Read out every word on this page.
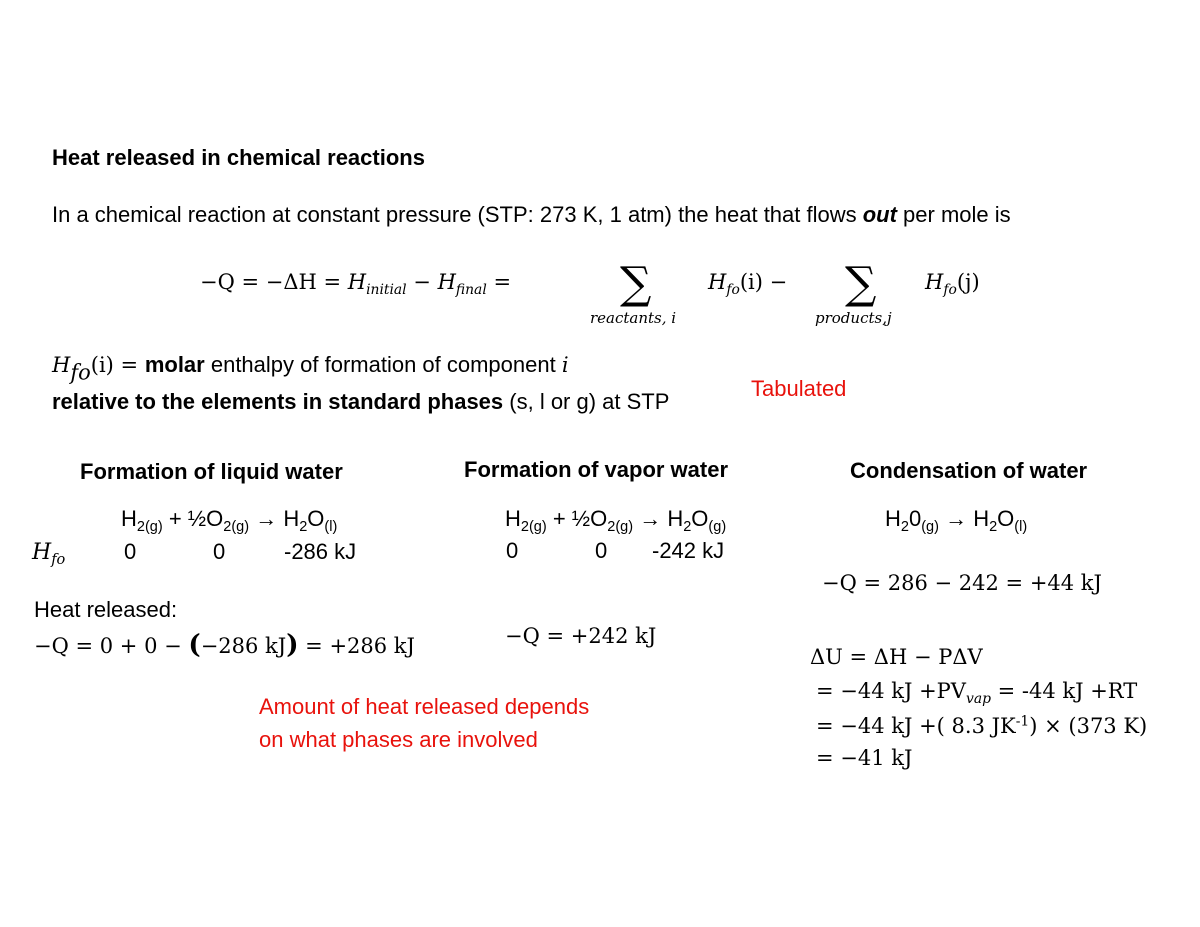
Heat released in chemical reactions
In a chemical reaction at constant pressure (STP: 273 K, 1 atm) the heat that flows out per mole is
$-Q = -\Delta H = H_{initial} - H_{final}$ = ∑
reactants, i
$H_{fo}(i)$ − ∑
products,j
$H_{fo}(j)$
$H_{fo}(i)$ = molar enthalpy of formation of component i
relative to the elements in standard phases (s, l or g) at STP
Tabulated
Formation of liquid water	Formation of vapor water	Condensation of water
$H_{2(g)}$ + $\frac{1}{2}O_{2(g)} \to H_2O_{(l)}$	$H_{2(g)}$ + $\frac{1}{2}O_{2(g)} \to H_2O_{(g)}$	$H_20_{(g)} \to H_2O_{(l)}$
$H_{fo}$	0	0	-286 kJ	0	0 -242 kJ
Heat released:
−Q = 0 + 0 − (−286 kJ) = +286 kJ	−Q = +242 kJ
−Q = 286 − 242 = +44 kJ
ΔU = ΔH − PΔV
= −44 kJ $+PV_{vap} = -44$ kJ +RT
= −44 kJ +( 8.3 $JK^{-1}) \times (373$ K)
= −41 kJ
Amount of heat released depends
on what phases are involved
